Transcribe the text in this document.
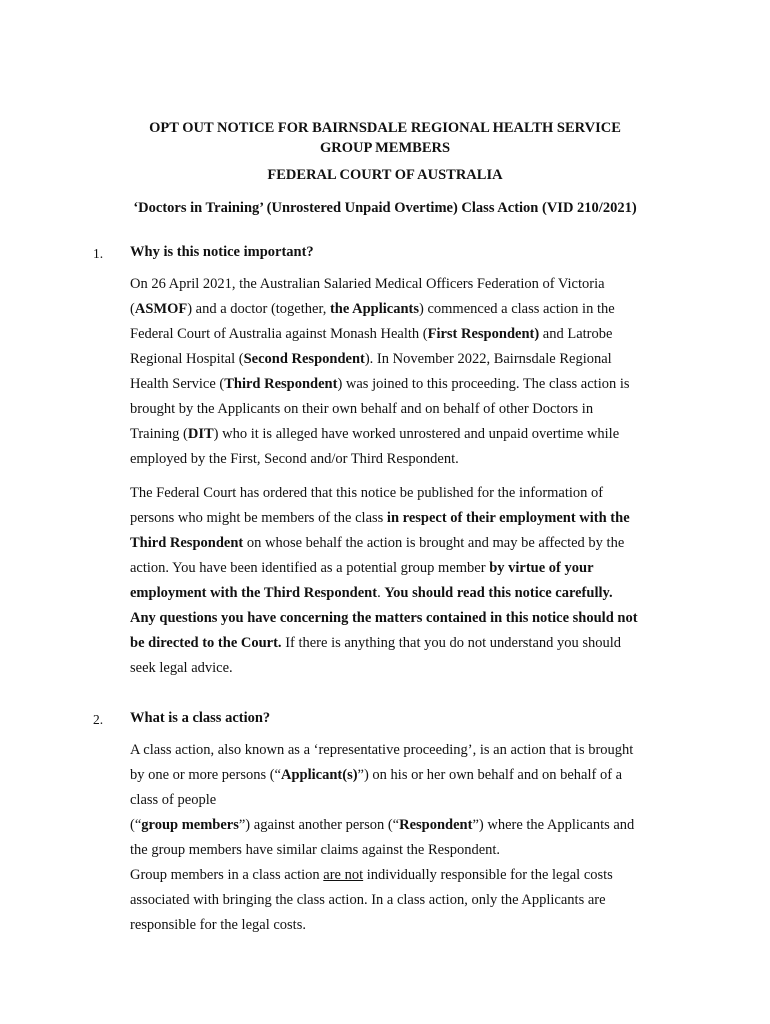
OPT OUT NOTICE FOR BAIRNSDALE REGIONAL HEALTH SERVICE
GROUP MEMBERS
FEDERAL COURT OF AUSTRALIA
‘Doctors in Training’ (Unrostered Unpaid Overtime) Class Action (VID 210/2021)
1. Why is this notice important?
On 26 April 2021, the Australian Salaried Medical Officers Federation of Victoria
(ASMOF) and a doctor (together, the Applicants) commenced a class action in the
Federal Court of Australia against Monash Health (First Respondent) and Latrobe
Regional Hospital (Second Respondent). In November 2022, Bairnsdale Regional
Health Service (Third Respondent) was joined to this proceeding. The class action is
brought by the Applicants on their own behalf and on behalf of other Doctors in
Training (DIT) who it is alleged have worked unrostered and unpaid overtime while
employed by the First, Second and/or Third Respondent.
The Federal Court has ordered that this notice be published for the information of
persons who might be members of the class in respect of their employment with the
Third Respondent on whose behalf the action is brought and may be affected by the
action. You have been identified as a potential group member by virtue of your
employment with the Third Respondent. You should read this notice carefully.
Any questions you have concerning the matters contained in this notice should not
be directed to the Court. If there is anything that you do not understand you should
seek legal advice.
2. What is a class action?
A class action, also known as a ‘representative proceeding’, is an action that is brought
by one or more persons (“Applicant(s)”) on his or her own behalf and on behalf of a
class of people
(“group members”) against another person (“Respondent”) where the Applicants and
the group members have similar claims against the Respondent.
Group members in a class action are not individually responsible for the legal costs
associated with bringing the class action. In a class action, only the Applicants are
responsible for the legal costs.
